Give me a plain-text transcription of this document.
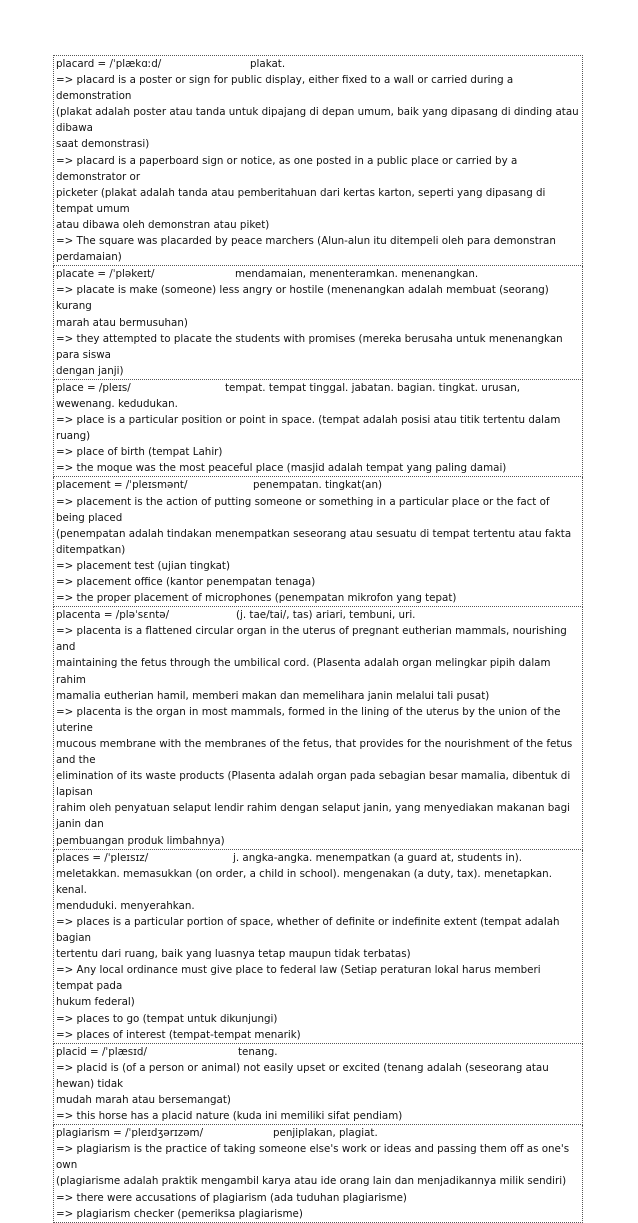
placard = /ˈplækɑːd/	plakat.
=> placard is a poster or sign for public display, either fixed to a wall or carried during a demonstration
(plakat adalah poster atau tanda untuk dipajang di depan umum, baik yang dipasang di dinding atau dibawa
saat demonstrasi)
=> placard is a paperboard sign or notice, as one posted in a public place or carried by a demonstrator or
picketer (plakat adalah tanda atau pemberitahuan dari kertas karton, seperti yang dipasang di tempat umum
atau dibawa oleh demonstran atau piket)
=> The square was placarded by peace marchers (Alun-alun itu ditempeli oleh para demonstran perdamaian)
placate = /ˈpləkeɪt/	mendamaian, menenteramkan. menenangkan.
=> placate is make (someone) less angry or hostile (menenangkan adalah membuat (seorang) kurang
marah atau bermusuhan)
=> they attempted to placate the students with promises (mereka berusaha untuk menenangkan para siswa
dengan janji)
place = /pleɪs/	tempat. tempat tinggal. jabatan. bagian. tingkat. urusan,
wewenang. kedudukan.
=> place is a particular position or point in space. (tempat adalah posisi atau titik tertentu dalam ruang)
=> place of birth (tempat Lahir)
=> the moque was the most peaceful place (masjid adalah tempat yang paling damai)
placement = /ˈpleɪsmənt/	penempatan. tingkat(an)
=> placement is the action of putting someone or something in a particular place or the fact of being placed
(penempatan adalah tindakan menempatkan seseorang atau sesuatu di tempat tertentu atau fakta
ditempatkan)
=> placement test (ujian tingkat)
=> placement office (kantor penempatan tenaga)
=> the proper placement of microphones (penempatan mikrofon yang tepat)
placenta = /pləˈsɛntə/	(j. tae/tai/, tas) ariari, tembuni, uri.
=> placenta is a flattened circular organ in the uterus of pregnant eutherian mammals, nourishing and
maintaining the fetus through the umbilical cord. (Plasenta adalah organ melingkar pipih dalam rahim
mamalia eutherian hamil, memberi makan dan memelihara janin melalui tali pusat)
=> placenta is the organ in most mammals, formed in the lining of the uterus by the union of the uterine
mucous membrane with the membranes of the fetus, that provides for the nourishment of the fetus and the
elimination of its waste products (Plasenta adalah organ pada sebagian besar mamalia, dibentuk di lapisan
rahim oleh penyatuan selaput lendir rahim dengan selaput janin, yang menyediakan makanan bagi janin dan
pembuangan produk limbahnya)
places = /ˈpleɪsɪz/	j. angka-angka. menempatkan (a guard at, students in).
meletakkan. memasukkan (on order, a child in school). mengenakan (a duty, tax). menetapkan. kenal.
menduduki. menyerahkan.
=> places is a particular portion of space, whether of definite or indefinite extent (tempat adalah bagian
tertentu dari ruang, baik yang luasnya tetap maupun tidak terbatas)
=> Any local ordinance must give place to federal law (Setiap peraturan lokal harus memberi tempat pada
hukum federal)
=> places to go (tempat untuk dikunjungi)
=> places of interest (tempat-tempat menarik)
placid = /ˈplæsɪd/	tenang.
=> placid is (of a person or animal) not easily upset or excited (tenang adalah (seseorang atau hewan) tidak
mudah marah atau bersemangat)
=> this horse has a placid nature (kuda ini memiliki sifat pendiam)
plagiarism = /ˈpleɪdʒərɪzəm/	penjiplakan, plagiat.
=> plagiarism is the practice of taking someone else's work or ideas and passing them off as one's own
(plagiarisme adalah praktik mengambil karya atau ide orang lain dan menjadikannya milik sendiri)
=> there were accusations of plagiarism (ada tuduhan plagiarisme)
=> plagiarism checker (pemeriksa plagiarisme)
